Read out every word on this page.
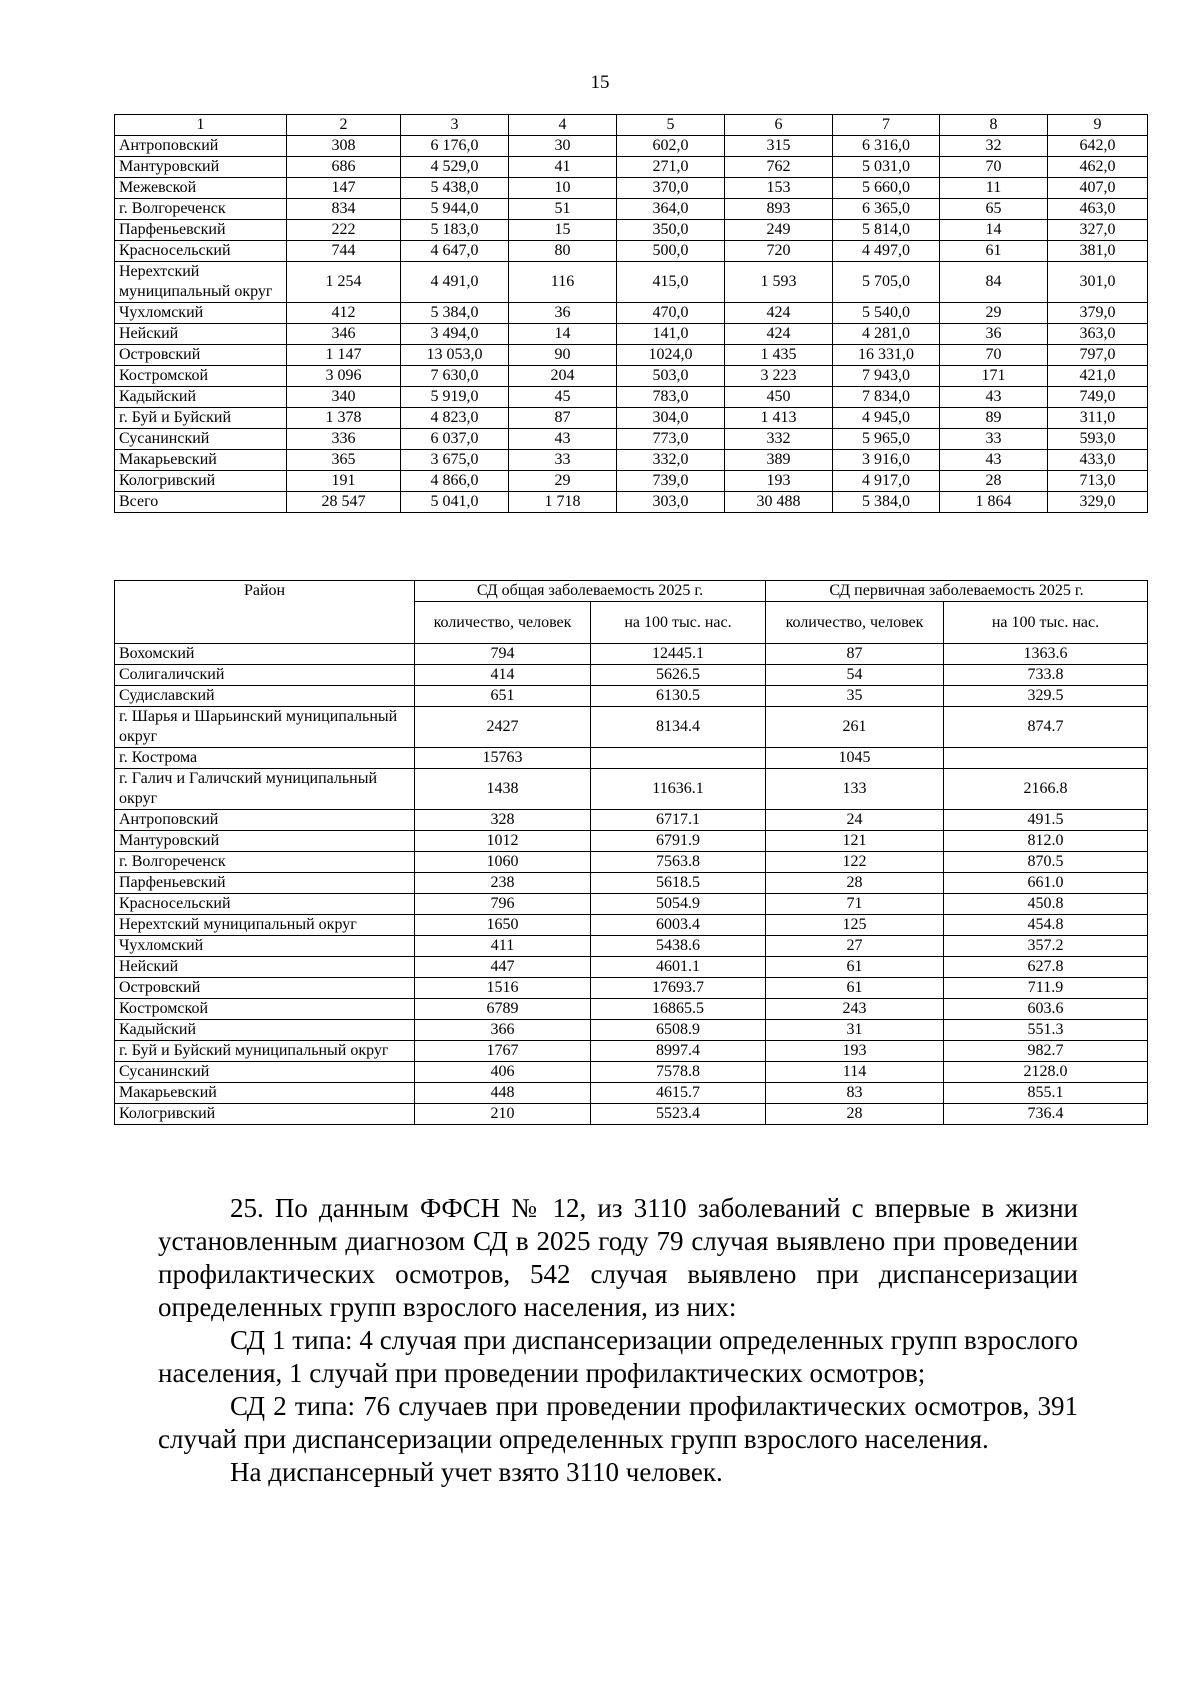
15
1	2	3	4	5	6	7	8	9
Антроповский	308	6 176,0	30	602,0	315	6 316,0	32	642,0
Мантуровский	686	4 529,0	41	271,0	762	5 031,0	70	462,0
Межевской	147	5 438,0	10	370,0	153	5 660,0	11	407,0
г. Волгореченск	834	5 944,0	51	364,0	893	6 365,0	65	463,0
Парфеньевский	222	5 183,0	15	350,0	249	5 814,0	14	327,0
Красносельский	744	4 647,0	80	500,0	720	4 497,0	61	381,0
Нерехтский муниципальный округ	1 254	4 491,0	116	415,0	1 593	5 705,0	84	301,0
Чухломский	412	5 384,0	36	470,0	424	5 540,0	29	379,0
Нейский	346	3 494,0	14	141,0	424	4 281,0	36	363,0
Островский	1 147	13 053,0	90	1024,0	1 435	16 331,0	70	797,0
Костромской	3 096	7 630,0	204	503,0	3 223	7 943,0	171	421,0
Кадыйский	340	5 919,0	45	783,0	450	7 834,0	43	749,0
г. Буй и Буйский	1 378	4 823,0	87	304,0	1 413	4 945,0	89	311,0
Сусанинский	336	6 037,0	43	773,0	332	5 965,0	33	593,0
Макарьевский	365	3 675,0	33	332,0	389	3 916,0	43	433,0
Кологривский	191	4 866,0	29	739,0	193	4 917,0	28	713,0
Всего	28 547	5 041,0	1 718	303,0	30 488	5 384,0	1 864	329,0
Район	СД общая заболеваемость 2025 г.		СД первичная заболеваемость 2025 г.	
	количество, человек	на 100 тыс. нас.	количество, человек	на 100 тыс. нас.
Вохомский	794	12445.1	87	1363.6
Солигаличский	414	5626.5	54	733.8
Судиславский	651	6130.5	35	329.5
г. Шарья и Шарьинский муниципальный округ	2427	8134.4	261	874.7
г. Кострома	15763		1045	
г. Галич и Галичский муниципальный округ	1438	11636.1	133	2166.8
Антроповский	328	6717.1	24	491.5
Мантуровский	1012	6791.9	121	812.0
г. Волгореченск	1060	7563.8	122	870.5
Парфеньевский	238	5618.5	28	661.0
Красносельский	796	5054.9	71	450.8
Нерехтский муниципальный округ	1650	6003.4	125	454.8
Чухломский	411	5438.6	27	357.2
Нейский	447	4601.1	61	627.8
Островский	1516	17693.7	61	711.9
Костромской	6789	16865.5	243	603.6
Кадыйский	366	6508.9	31	551.3
г. Буй и Буйский муниципальный округ	1767	8997.4	193	982.7
Сусанинский	406	7578.8	114	2128.0
Макарьевский	448	4615.7	83	855.1
Кологривский	210	5523.4	28	736.4

25. По данным ФФСН № 12, из 3110 заболеваний с впервые в жизни установленным диагнозом СД в 2025 году 79 случая выявлено при проведении профилактических осмотров, 542 случая выявлено при диспансеризации определенных групп взрослого населения, из них:

СД 1 типа: 4 случая при диспансеризации определенных групп взрослого населения, 1 случай при проведении профилактических осмотров;

СД 2 типа: 76 случаев при проведении профилактических осмотров, 391 случай при диспансеризации определенных групп взрослого населения.

На диспансерный учет взято 3110 человек.
